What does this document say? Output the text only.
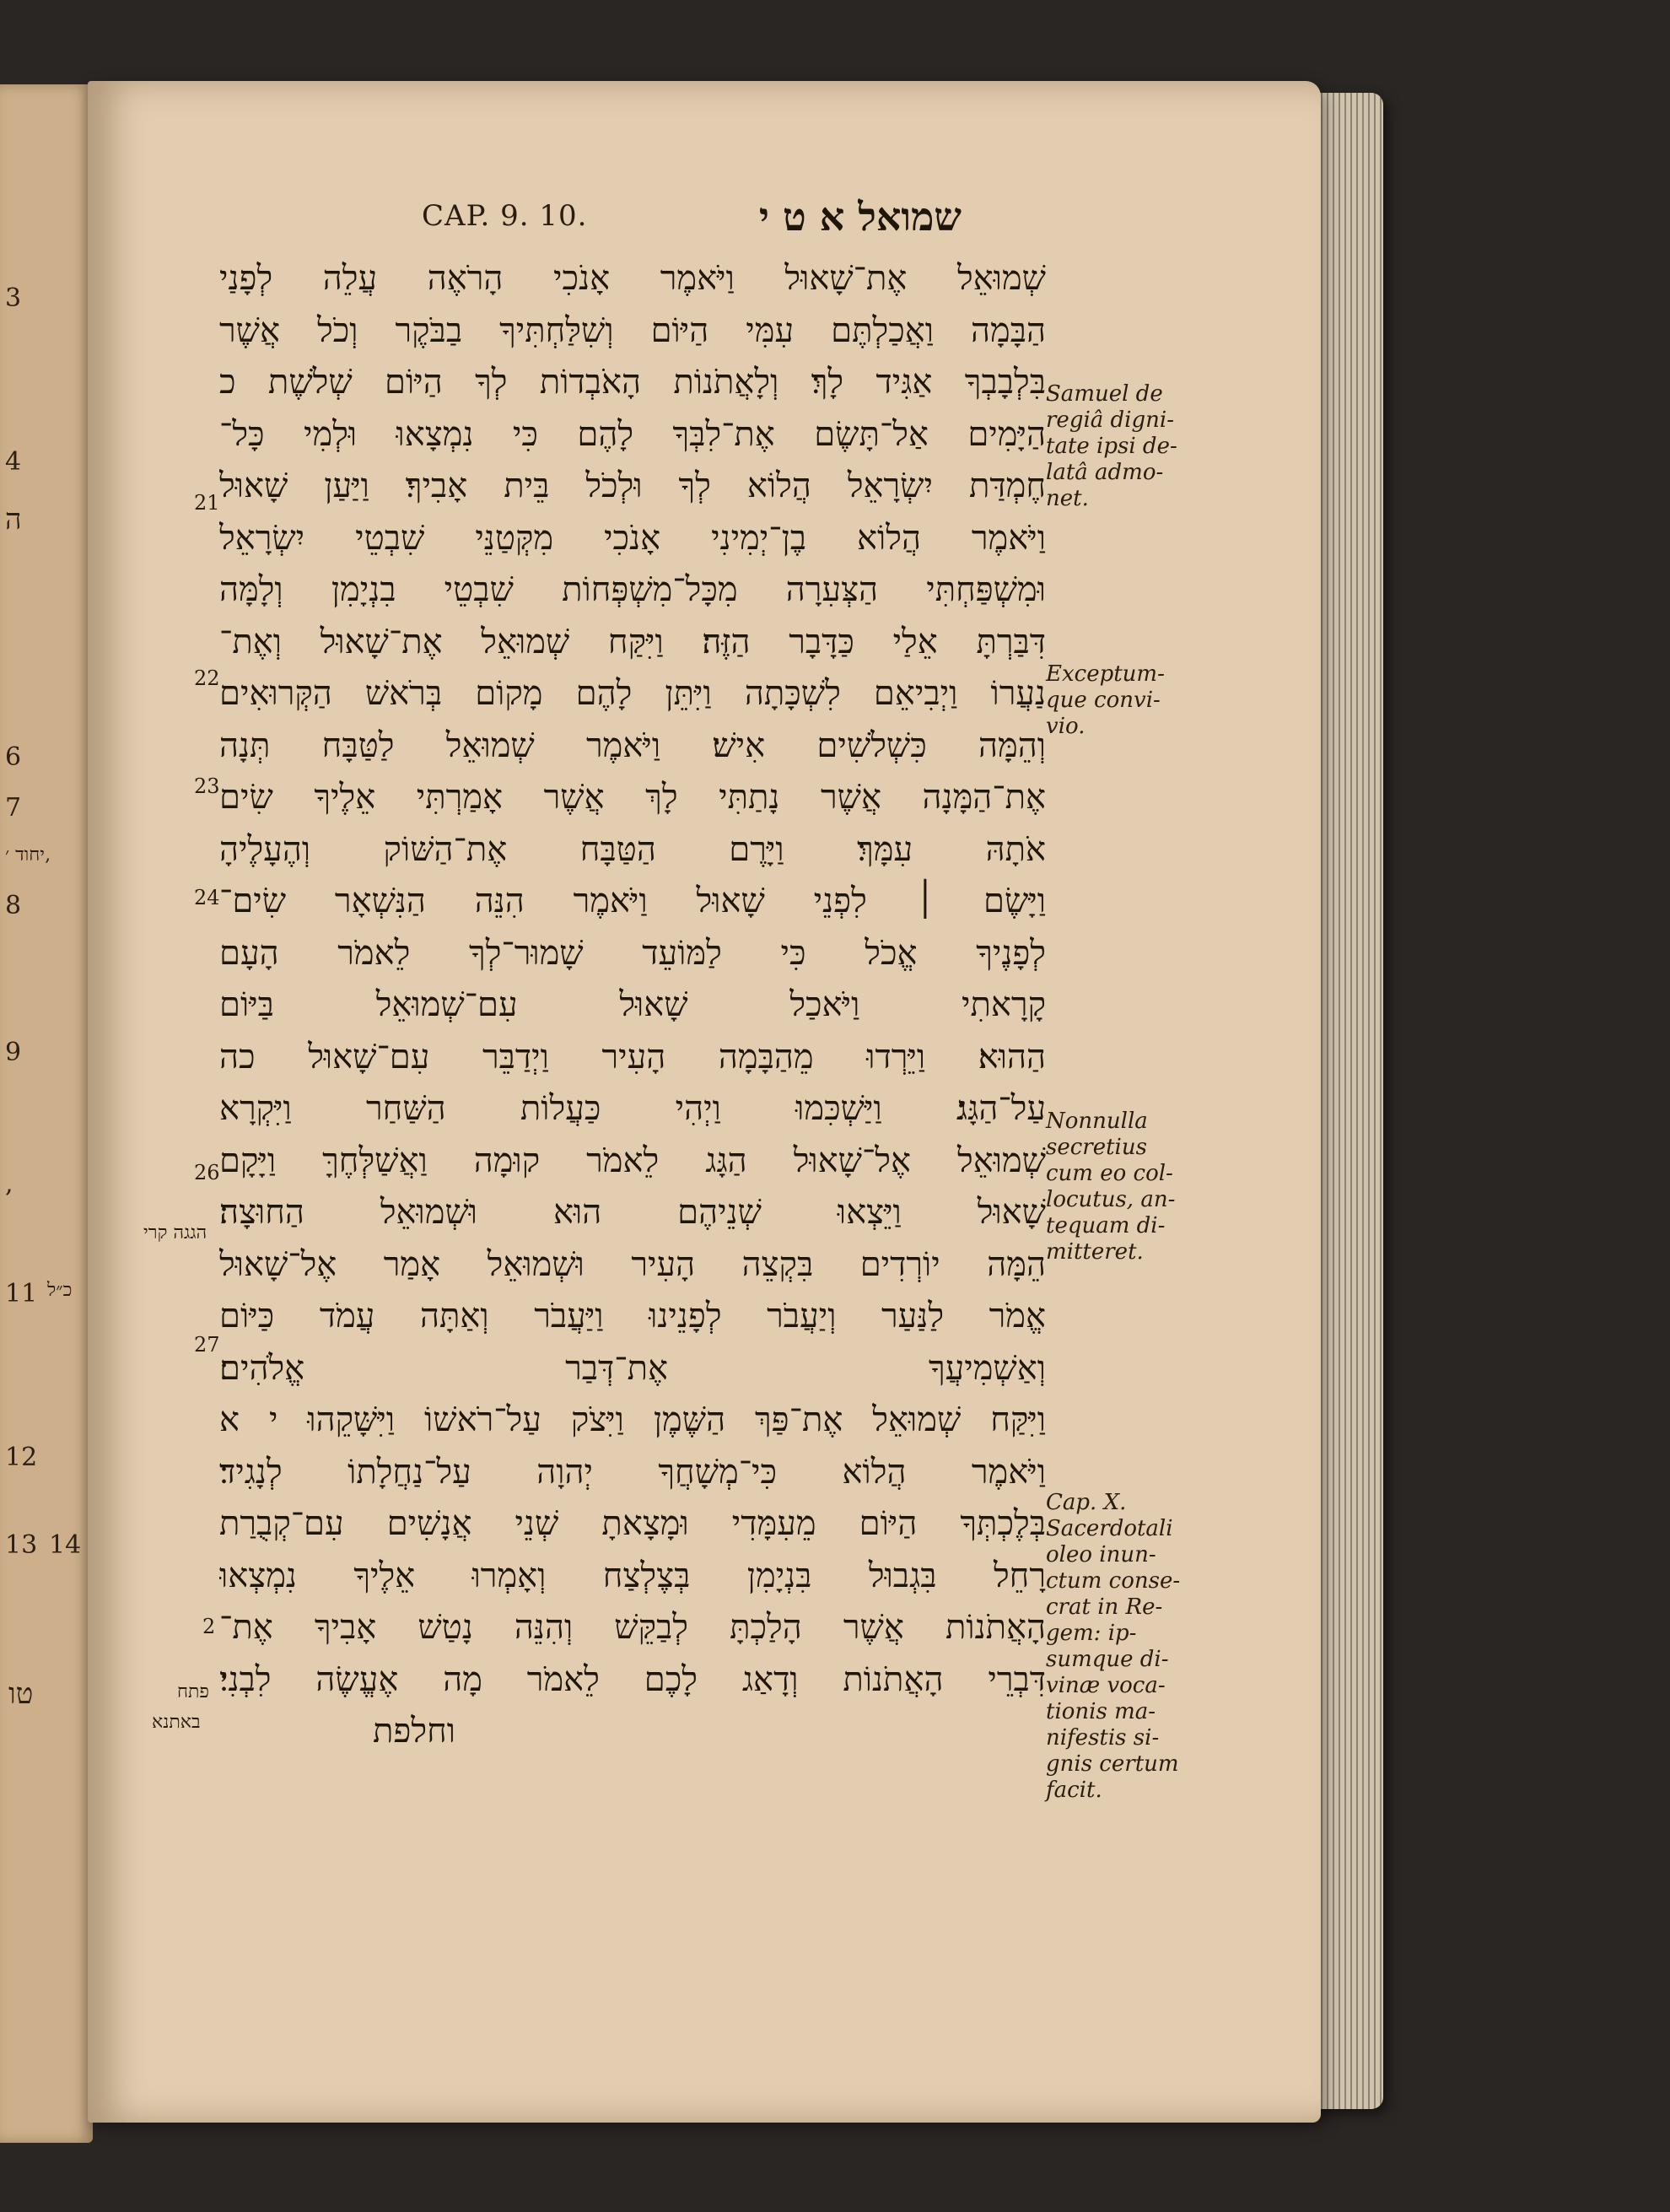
3
4
ה
6
7
יחוד ׳,
8
9
,
כ״ל
11
12
13 14
טו
CAP. 9. 10.	שמואל א ט י
שְׁמוּאֵל אֶת־שָׁאוּל וַיֹּאמֶר אָנֹכִי הָרֹאֶה עֲלֵה לְפָנַי
הַבָּמָה וַאֲכַלְתֶּם עִמִּי הַיּוֹם וְשִׁלַּחְתִּיךָ בַבֹּקֶר וְכֹל אֲשֶׁר
בִּלְבָבְךָ אַגִּיד לָךְ׃ וְלָאֲתֹנוֹת הָאֹבְדוֹת לְךָ הַיּוֹם שְׁלֹשֶׁת כ
הַיָּמִים אַל־תָּשֶׂם אֶת־לִבְּךָ לָהֶם כִּי נִמְצָאוּ וּלְמִי כָּל־
חֶמְדַּת יִשְׂרָאֵל הֲלוֹא לְךָ וּלְכֹל בֵּית אָבִיךָ׃ וַיַּעַן שָׁאוּל
וַיֹּאמֶר הֲלוֹא בֶן־יְמִינִי אָנֹכִי מִקְּטַנֵּי שִׁבְטֵי יִשְׂרָאֵל
וּמִשְׁפַּחְתִּי הַצְּעִרָה מִכָּל־מִשְׁפְּחוֹת שִׁבְטֵי בִנְיָמִן וְלָמָּה
דִּבַּרְתָּ אֵלַי כַּדָּבָר הַזֶּה׃ וַיִּקַּח שְׁמוּאֵל אֶת־שָׁאוּל וְאֶת־
נַעֲרוֹ וַיְבִיאֵם לִשְׁכָּתָה וַיִּתֵּן לָהֶם מָקוֹם בְּרֹאשׁ הַקְּרוּאִים
וְהֵמָּה כִּשְׁלֹשִׁים אִישׁ׃ וַיֹּאמֶר שְׁמוּאֵל לַטַּבָּח תְּנָה
אֶת־הַמָּנָה אֲשֶׁר נָתַתִּי לָךְ אֲשֶׁר אָמַרְתִּי אֵלֶיךָ שִׂים
אֹתָהּ עִמָּךְ׃ וַיָּרֶם הַטַּבָּח אֶת־הַשּׁוֹק וְהֶעָלֶיהָ
וַיָּשֶׂם ׀ לִפְנֵי שָׁאוּל וַיֹּאמֶר הִנֵּה הַנִּשְׁאָר שִׂים־
לְפָנֶיךָ אֱכֹל כִּי לַמּוֹעֵד שָׁמוּר־לְךָ לֵאמֹר הָעָם
קָרָאתִי וַיֹּאכַל שָׁאוּל עִם־שְׁמוּאֵל בַּיּוֹם
הַהוּא׃ וַיֵּרְדוּ מֵהַבָּמָה הָעִיר וַיְדַבֵּר עִם־שָׁאוּל כה
עַל־הַגָּג׃ וַיַּשְׁכִּמוּ וַיְהִי כַּעֲלוֹת הַשַּׁחַר וַיִּקְרָא
שְׁמוּאֵל אֶל־שָׁאוּל הַגָּג לֵאמֹר קוּמָה וַאֲשַׁלְּחֶךָּ וַיָּקָם
שָׁאוּל וַיֵּצְאוּ שְׁנֵיהֶם הוּא וּשְׁמוּאֵל הַחוּצָה׃
הֵמָּה יוֹרְדִים בִּקְצֵה הָעִיר וּשְׁמוּאֵל אָמַר אֶל־שָׁאוּל
אֱמֹר לַנַּעַר וְיַעֲבֹר לְפָנֵינוּ וַיַּעֲבֹר וְאַתָּה עֲמֹד כַּיּוֹם
וְאַשְׁמִיעֲךָ אֶת־דְּבַר אֱלֹהִים׃
וַיִּקַּח שְׁמוּאֵל אֶת־פַּךְ הַשֶּׁמֶן וַיִּצֹק עַל־רֹאשׁוֹ וַיִּשָּׁקֵהוּ י א
וַיֹּאמֶר הֲלוֹא כִּי־מְשָׁחֲךָ יְהוָה עַל־נַחֲלָתוֹ לְנָגִיד׃
בְּלֶכְתְּךָ הַיּוֹם מֵעִמָּדִי וּמָצָאתָ שְׁנֵי אֲנָשִׁים עִם־קְבֻרַת
רָחֵל בִּגְבוּל בִּנְיָמִן בְּצֶלְצַח וְאָמְרוּ אֵלֶיךָ נִמְצְאוּ
הָאֲתֹנוֹת אֲשֶׁר הָלַכְתָּ לְבַקֵּשׁ וְהִנֵּה נָטַשׁ אָבִיךָ אֶת־
דִּבְרֵי הָאֲתֹנוֹת וְדָאַג לָכֶם לֵאמֹר מָה אֶעֱשֶׂה לִבְנִי׃
וחלפת
21
22
23
24
26
27
2
הגגה קרי
פתח
באתנא
Samuel de
regiâ digni-
tate ipsi de-
latâ admo-
net.
Exceptum-
que convi-
vio.
Nonnulla
secretius
cum eo col-
locutus, an-
tequam di-
mitteret.
Cap. X.
Sacerdotali
oleo inun-
ctum conse-
crat in Re-
gem: ip-
sumque di-
vinæ voca-
tionis ma-
nifestis si-
gnis certum
facit.
